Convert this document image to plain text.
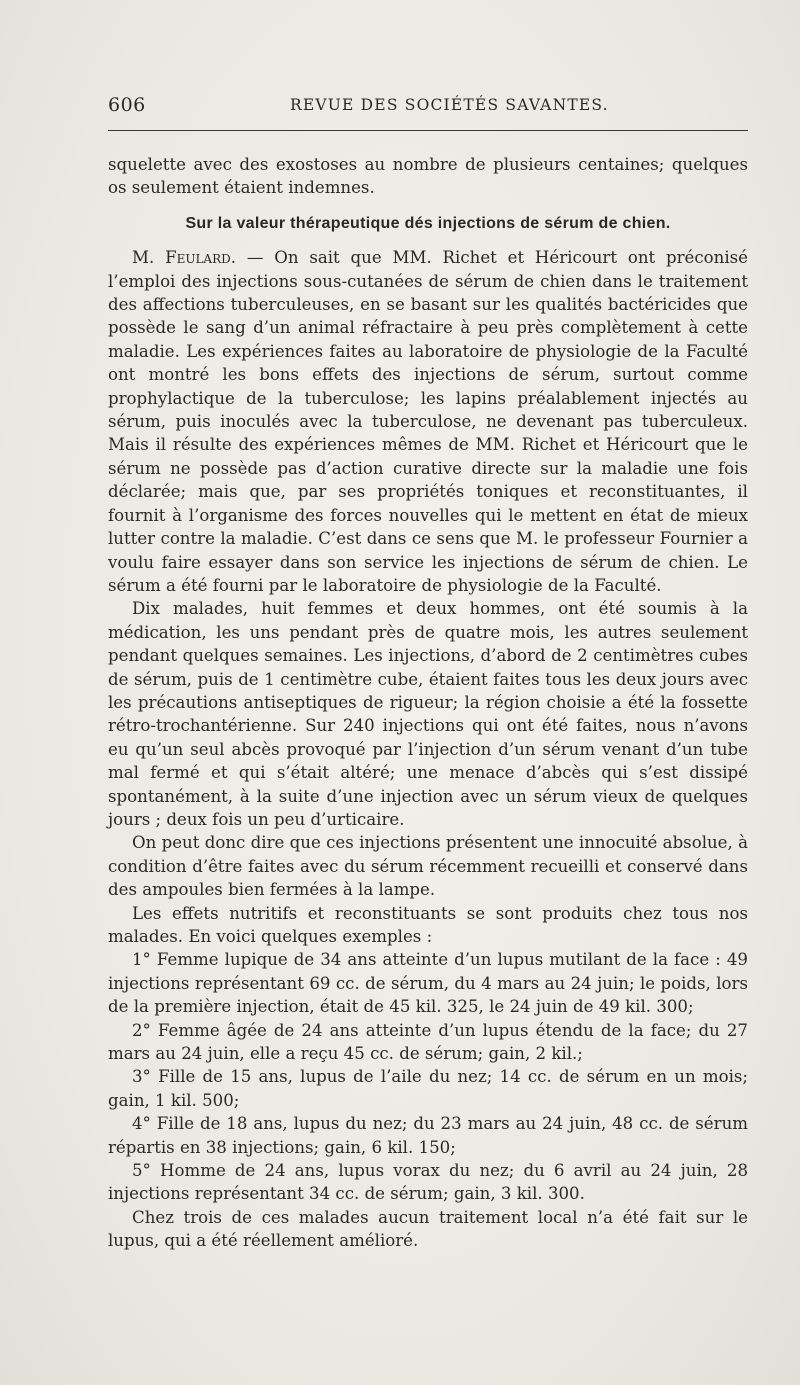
606	REVUE DES SOCIÉTÉS SAVANTES.

squelette avec des exostoses au nombre de plusieurs centaines; quelques os seulement étaient indemnes.

Sur la valeur thérapeutique dés injections de sérum de chien.

M. Feulard. — On sait que MM. Richet et Héricourt ont préconisé l’emploi des injections sous-cutanées de sérum de chien dans le traitement des affections tuberculeuses, en se basant sur les qualités bactéricides que possède le sang d’un animal réfractaire à peu près complètement à cette maladie. Les expériences faites au laboratoire de physiologie de la Faculté ont montré les bons effets des injections de sérum, surtout comme prophylactique de la tuberculose; les lapins préalablement injectés au sérum, puis inoculés avec la tuberculose, ne devenant pas tuberculeux. Mais il résulte des expériences mêmes de MM. Richet et Héricourt que le sérum ne possède pas d’action curative directe sur la maladie une fois déclarée; mais que, par ses propriétés toniques et reconstituantes, il fournit à l’organisme des forces nouvelles qui le mettent en état de mieux lutter contre la maladie. C’est dans ce sens que M. le professeur Fournier a voulu faire essayer dans son service les injections de sérum de chien. Le sérum a été fourni par le laboratoire de physiologie de la Faculté.

Dix malades, huit femmes et deux hommes, ont été soumis à la médication, les uns pendant près de quatre mois, les autres seulement pendant quelques semaines. Les injections, d’abord de 2 centimètres cubes de sérum, puis de 1 centimètre cube, étaient faites tous les deux jours avec les précautions antiseptiques de rigueur; la région choisie a été la fossette rétro-trochantérienne. Sur 240 injections qui ont été faites, nous n’avons eu qu’un seul abcès provoqué par l’injection d’un sérum venant d’un tube mal fermé et qui s’était altéré; une menace d’abcès qui s’est dissipé spontanément, à la suite d’une injection avec un sérum vieux de quelques jours ; deux fois un peu d’urticaire.

On peut donc dire que ces injections présentent une innocuité absolue, à condition d’être faites avec du sérum récemment recueilli et conservé dans des ampoules bien fermées à la lampe.

Les effets nutritifs et reconstituants se sont produits chez tous nos malades. En voici quelques exemples :

1° Femme lupique de 34 ans atteinte d’un lupus mutilant de la face : 49 injections représentant 69 cc. de sérum, du 4 mars au 24 juin; le poids, lors de la première injection, était de 45 kil. 325, le 24 juin de 49 kil. 300;

2° Femme âgée de 24 ans atteinte d’un lupus étendu de la face; du 27 mars au 24 juin, elle a reçu 45 cc. de sérum; gain, 2 kil.;

3° Fille de 15 ans, lupus de l’aile du nez; 14 cc. de sérum en un mois; gain, 1 kil. 500;

4° Fille de 18 ans, lupus du nez; du 23 mars au 24 juin, 48 cc. de sérum répartis en 38 injections; gain, 6 kil. 150;

5° Homme de 24 ans, lupus vorax du nez; du 6 avril au 24 juin, 28 injections représentant 34 cc. de sérum; gain, 3 kil. 300.

Chez trois de ces malades aucun traitement local n’a été fait sur le lupus, qui a été réellement amélioré.
